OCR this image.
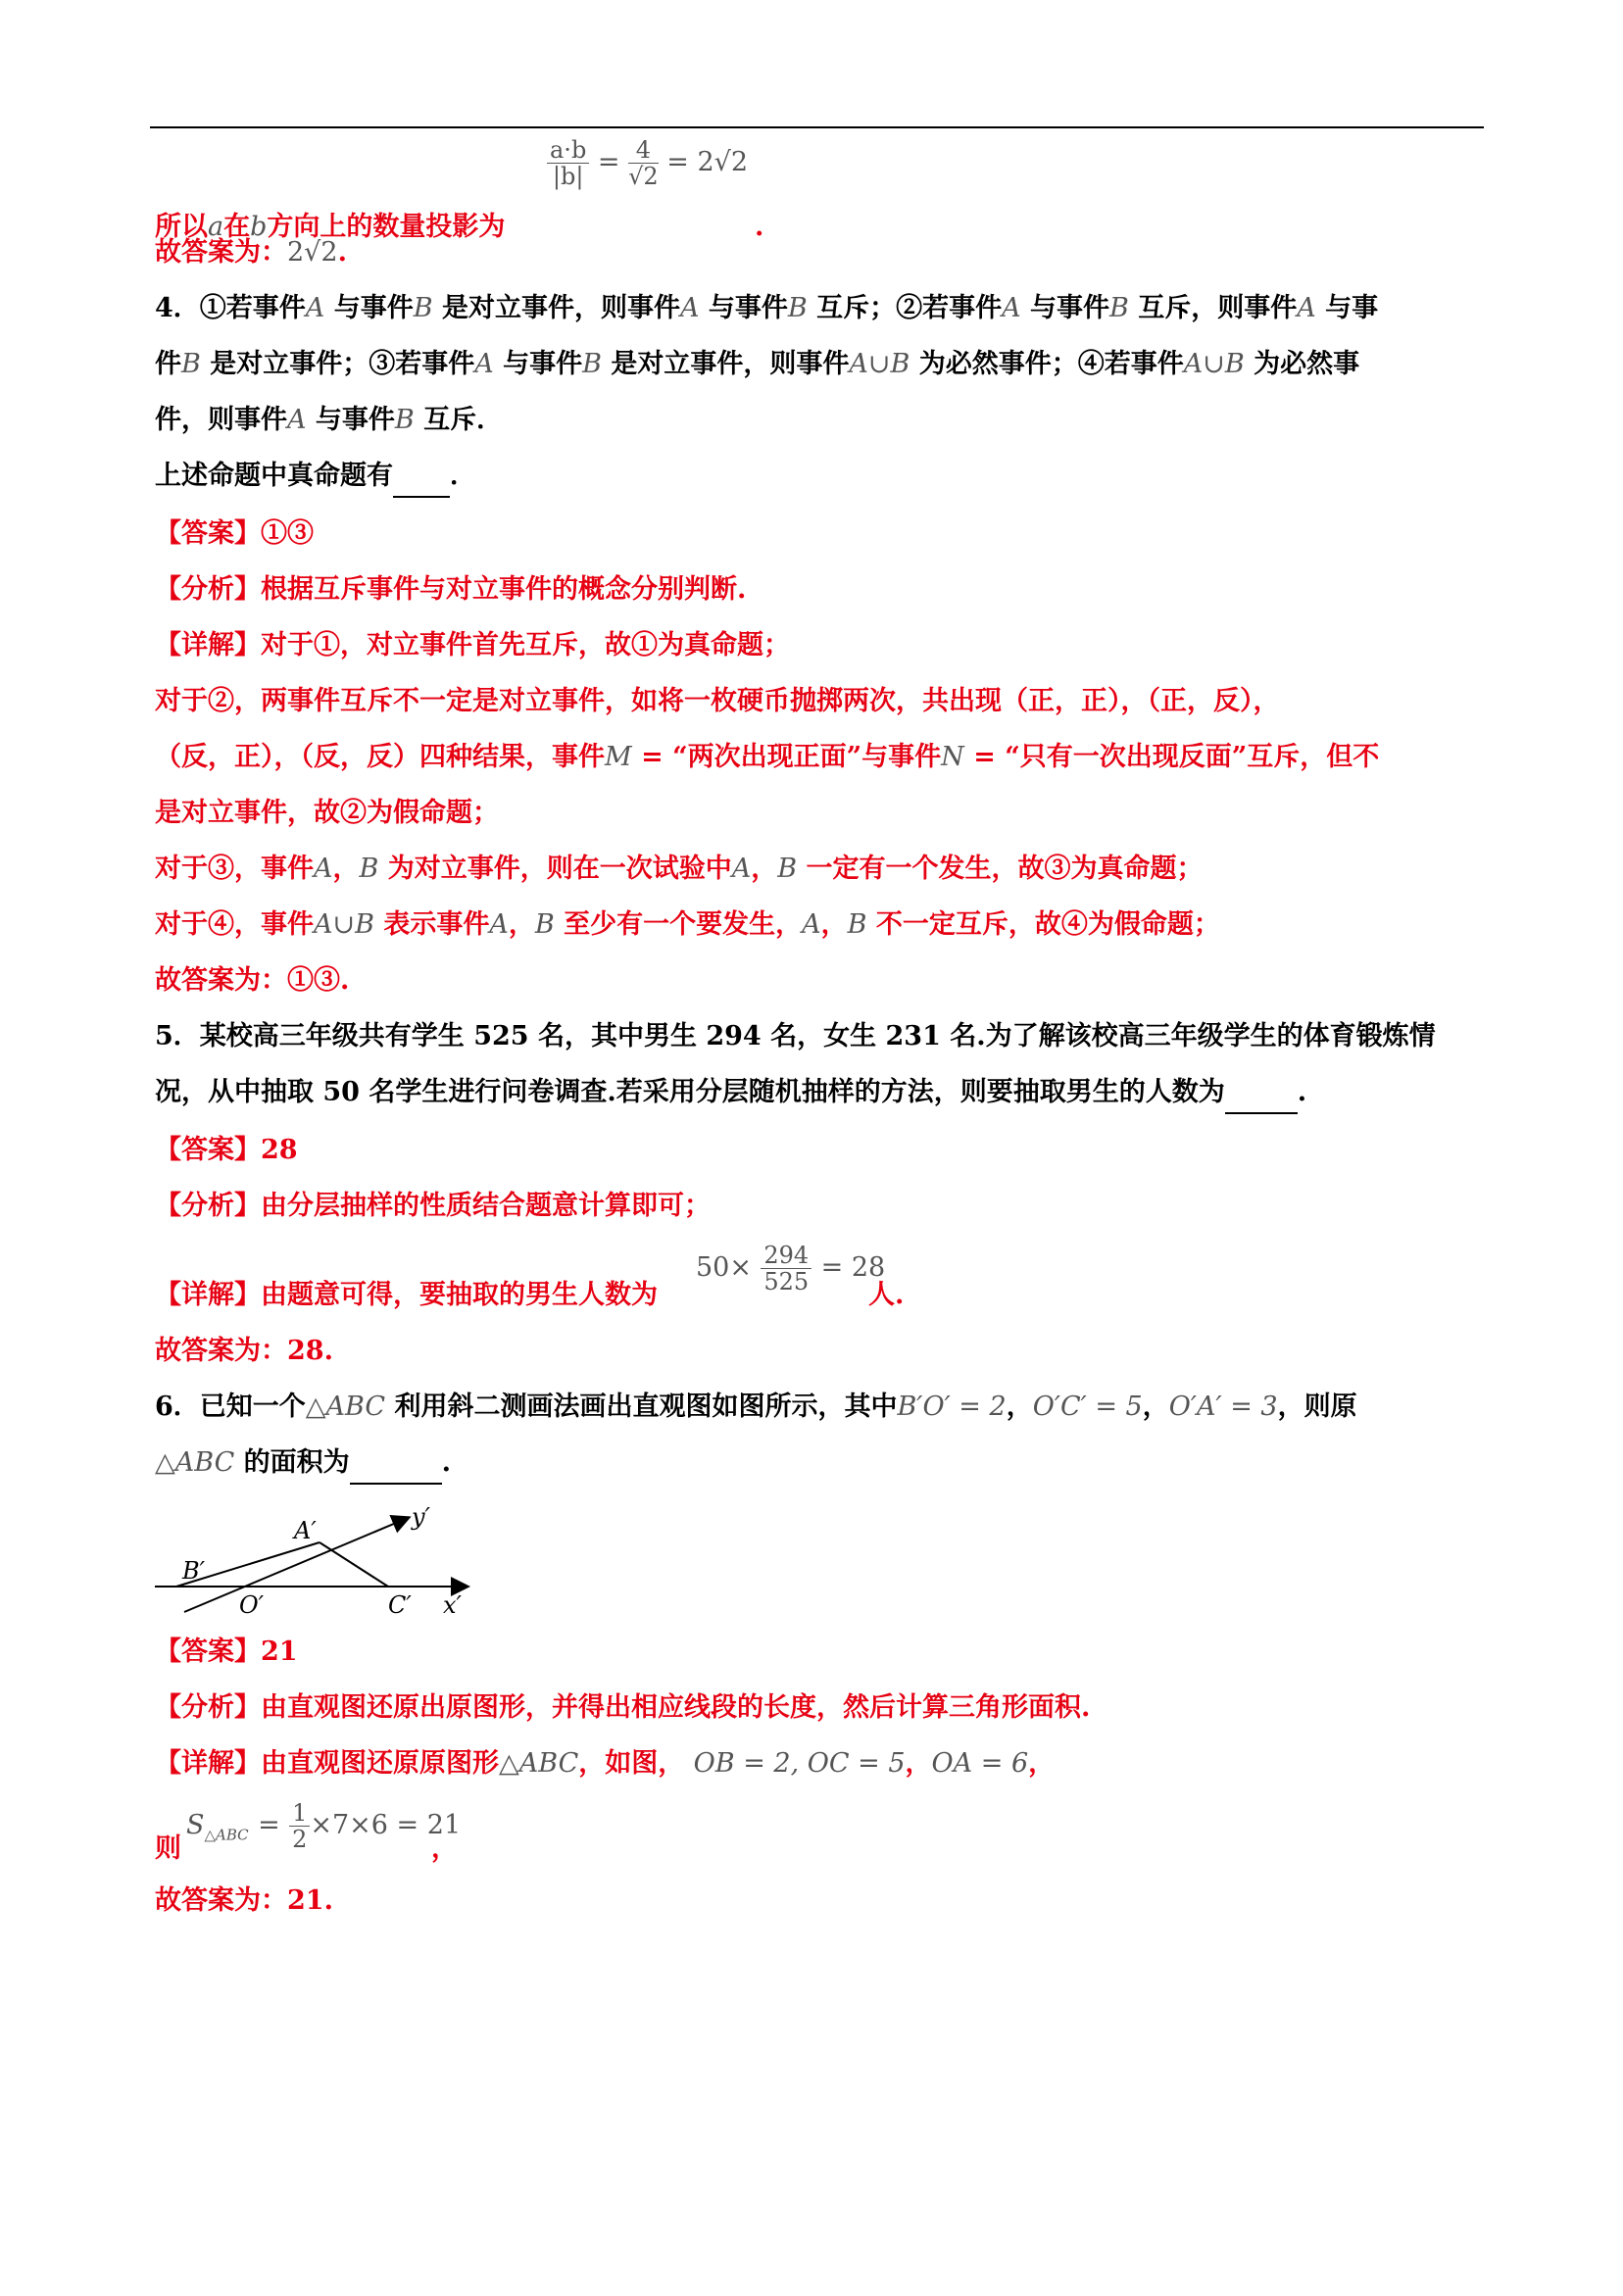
所以a在b方向上的数量投影为
$\frac{a\cdot b}{|b|} = \frac{4}{√2} = 2√2$
.
故答案为：2√2.
4．①若事件A 与事件B 是对立事件，则事件A 与事件B 互斥；②若事件A 与事件B 互斥，则事件A 与事
件B 是对立事件；③若事件A 与事件B 是对立事件，则事件A∪B 为必然事件；④若事件A∪B 为必然事
件，则事件A 与事件B 互斥．
上述命题中真命题有 ．
【答案】①③
【分析】根据互斥事件与对立事件的概念分别判断.
【详解】对于①，对立事件首先互斥，故①为真命题；
对于②，两事件互斥不一定是对立事件，如将一枚硬币抛掷两次，共出现（正，正），（正，反），
（反，正），（反，反）四种结果，事件M = “两次出现正面”与事件N = “只有一次出现反面”互斥，但不
是对立事件，故②为假命题；
对于③，事件A，B 为对立事件，则在一次试验中A，B 一定有一个发生，故③为真命题；
对于④，事件A∪B 表示事件A，B 至少有一个要发生，A，B 不一定互斥，故④为假命题；
故答案为：①③.
5．某校高三年级共有学生 525 名，其中男生 294 名，女生 231 名.为了解该校高三年级学生的体育锻炼情
况，从中抽取 50 名学生进行问卷调查.若采用分层随机抽样的方法，则要抽取男生的人数为	.
【答案】28
【分析】由分层抽样的性质结合题意计算即可；
【详解】由题意可得，要抽取的男生人数为
$50\times \frac{294}{525} = 28$
人.
故答案为：28.
6．已知一个△ABC 利用斜二测画法画出直观图如图所示，其中B′O′ = 2，O′C′ = 5，O′A′ = 3，则原
△ABC 的面积为	.
y′
A′
B′
O′	C′ x′
【答案】21
【分析】由直观图还原出原图形，并得出相应线段的长度，然后计算三角形面积.
【详解】由直观图还原原图形△ABC，如图， OB = 2, OC = 5，OA = 6，
则
$S_{\triangle ABC} = \frac{1}{2} \times 7\times 6 = 21$
，
故答案为：21.
